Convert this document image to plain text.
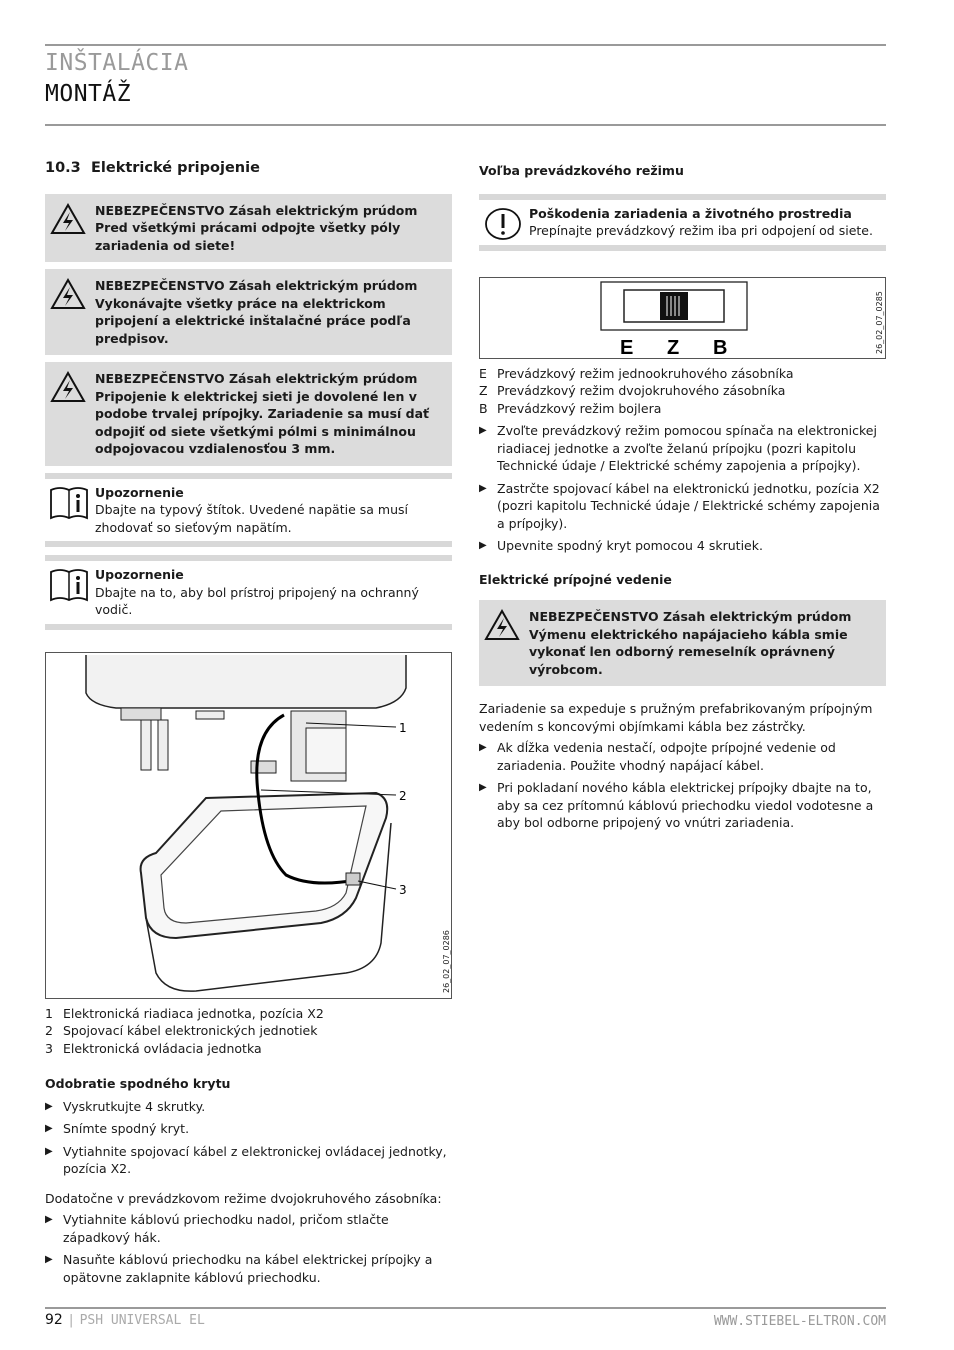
INŠTALÁCIA
MONTÁŽ
10.3 Elektrické pripojenie

NEBEZPEČENSTVO Zásah elektrickým prúdom

Pred všetkými prácami odpojte všetky póly zariadenia od siete!

NEBEZPEČENSTVO Zásah elektrickým prúdom

Vykonávajte všetky práce na elektrickom pripojení a elektrické inštalačné práce podľa predpisov.

NEBEZPEČENSTVO Zásah elektrickým prúdom

Pripojenie k elektrickej sieti je dovolené len v podobe trvalej prípojky. Zariadenie sa musí dať odpojiť od siete všetkými pólmi s minimálnou odpojovacou vzdialenosťou 3 mm.

Upozornenie

Dbajte na typový štítok. Uvedené napätie sa musí zhodovať so sieťovým napätím.

Upozornenie

Dbajte na to, aby bol prístroj pripojený na ochranný vodič.

1
2
3
26_02_07_0286
1 Elektronická riadiaca jednotka, pozícia X2
2 Spojovací kábel elektronických jednotiek
3 Elektronická ovládacia jednotka
Odobratie spodného krytu
▶ Vyskrutkujte 4 skrutky.
▶ Snímte spodný kryt.
▶ Vytiahnite spojovací kábel z elektronickej ovládacej jednotky, pozícia X2.

Dodatočne v prevádzkovom režime dvojokruhového zásobníka:

▶ Vytiahnite káblovú priechodku nadol, pričom stlačte západkový hák.
▶ Nasuňte káblovú priechodku na kábel elektrickej prípojky a opätovne zaklapnite káblovú priechodku.
Voľba prevádzkového režimu

Poškodenia zariadenia a životného prostredia

Prepínajte prevádzkový režim iba pri odpojení od siete.

E Z B	26_02_07_0285
E Prevádzkový režim jednookruhového zásobníka
Z Prevádzkový režim dvojokruhového zásobníka
B Prevádzkový režim bojlera
▶ Zvoľte prevádzkový režim pomocou spínača na elektronickej riadiacej jednotke a zvoľte želanú prípojku (pozri kapitolu Technické údaje / Elektrické schémy zapojenia a prípojky).
▶ Zastrčte spojovací kábel na elektronickú jednotku, pozícia X2 (pozri kapitolu Technické údaje / Elektrické schémy zapojenia a prípojky).
▶ Upevnite spodný kryt pomocou 4 skrutiek.
Elektrické prípojné vedenie

NEBEZPEČENSTVO Zásah elektrickým prúdom

Výmenu elektrického napájacieho kábla smie vykonať len odborný remeselník oprávnený výrobcom.

Zariadenie sa expeduje s pružným prefabrikovaným prípojným vedením s koncovými objímkami kábla bez zástrčky.

▶ Ak dĺžka vedenia nestačí, odpojte prípojné vedenie od zariadenia. Použite vhodný napájací kábel.
▶ Pri pokladaní nového kábla elektrickej prípojky dbajte na to, aby sa cez prítomnú káblovú priechodku viedol vodotesne a aby bol odborne pripojený vo vnútri zariadenia.
92 | PSH UNIVERSAL EL	WWW.STIEBEL-ELTRON.COM
